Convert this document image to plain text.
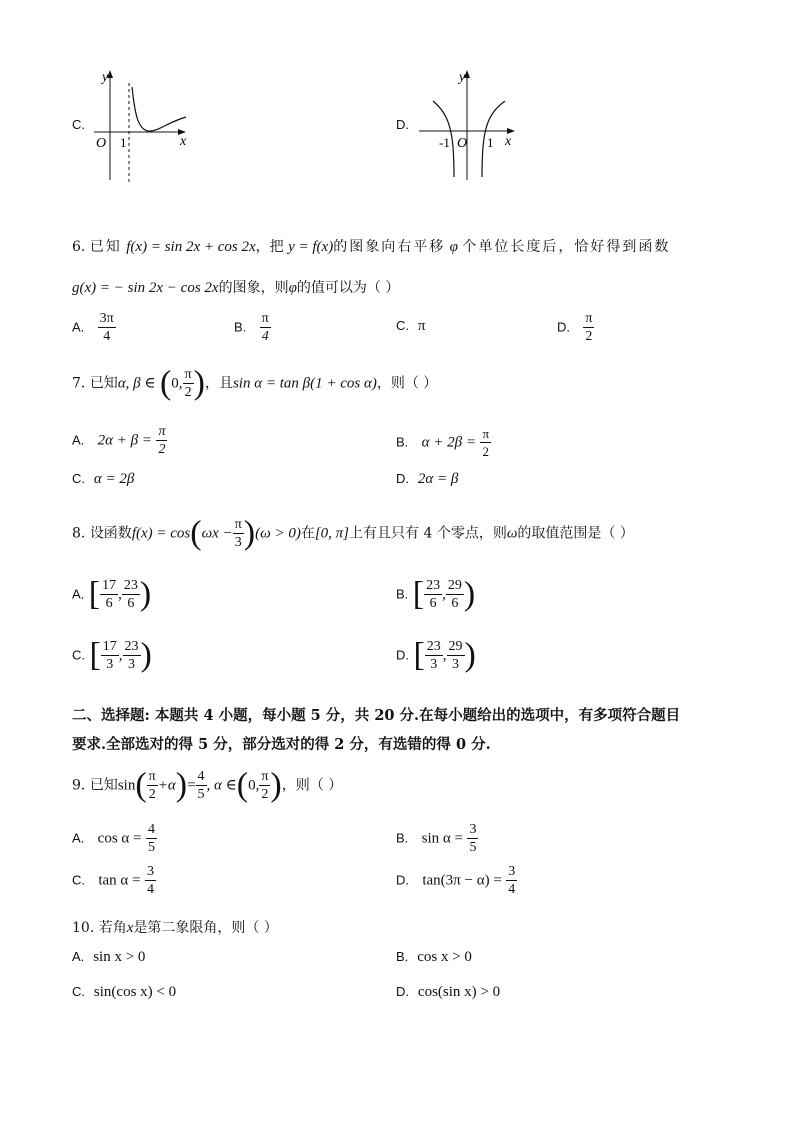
C.
y
x
O 1
D.
y
x
-1 O 1
6. 已知 f(x) = sin 2x + cos 2x，把 y = f(x)的图象向右平移 φ 个单位长度后，恰好得到函数
g(x) = − sin 2x − cos 2x的图象，则φ的值可以为（ ）
A. $\frac{3\pi}{4}$	B. $\frac{\pi}{4}$	C. π	D. $\frac{\pi}{2}$
7. 已知α, β ∈ (0, $\frac{\pi}{2}$ )，且sin α = tan β(1 + cos α)，则（ ）
A. $2\alpha + \beta = \frac{\pi}{2}$	B. $\alpha + 2\beta = \frac{\pi}{2}$
C. α = 2β	D. 2α = β
8. 设函数$f(x) = \cos(\omega x - \frac{\pi}{3} )(\omega > 0)$在[0, π]上有且只有 4 个零点，则ω的取值范围是（ ）
A. [ $\frac{17}{6}$ , $\frac{23}{6}$ )	B. [ $\frac{23}{6}$ , $\frac{29}{6}$ )
C. [ $\frac{17}{3}$ , $\frac{23}{3}$ )	D. [ $\frac{23}{3}$ , $\frac{29}{3}$ )
二、选择题: 本题共 4 小题，每小题 5 分，共 20 分.在每小题给出的选项中，有多项符合题目
要求.全部选对的得 5 分，部分选对的得 2 分，有选错的得 0 分.
9. 已知$\sin( \frac{\pi}{2} +\alpha)= \frac{4}{5}$ , α ∈(0, $\frac{\pi}{2}$ )，则（ ）
A. $\cos \alpha = \frac{4}{5}$	B. $\sin \alpha = \frac{3}{5}$
C. $\tan \alpha = \frac{3}{4}$	D. $\tan(3\pi - \alpha) = \frac{3}{4}$
10. 若角x是第二象限角，则（ ）
A. sin x > 0	B. cos x > 0
C. sin(cos x) < 0	D. cos(sin x) > 0
